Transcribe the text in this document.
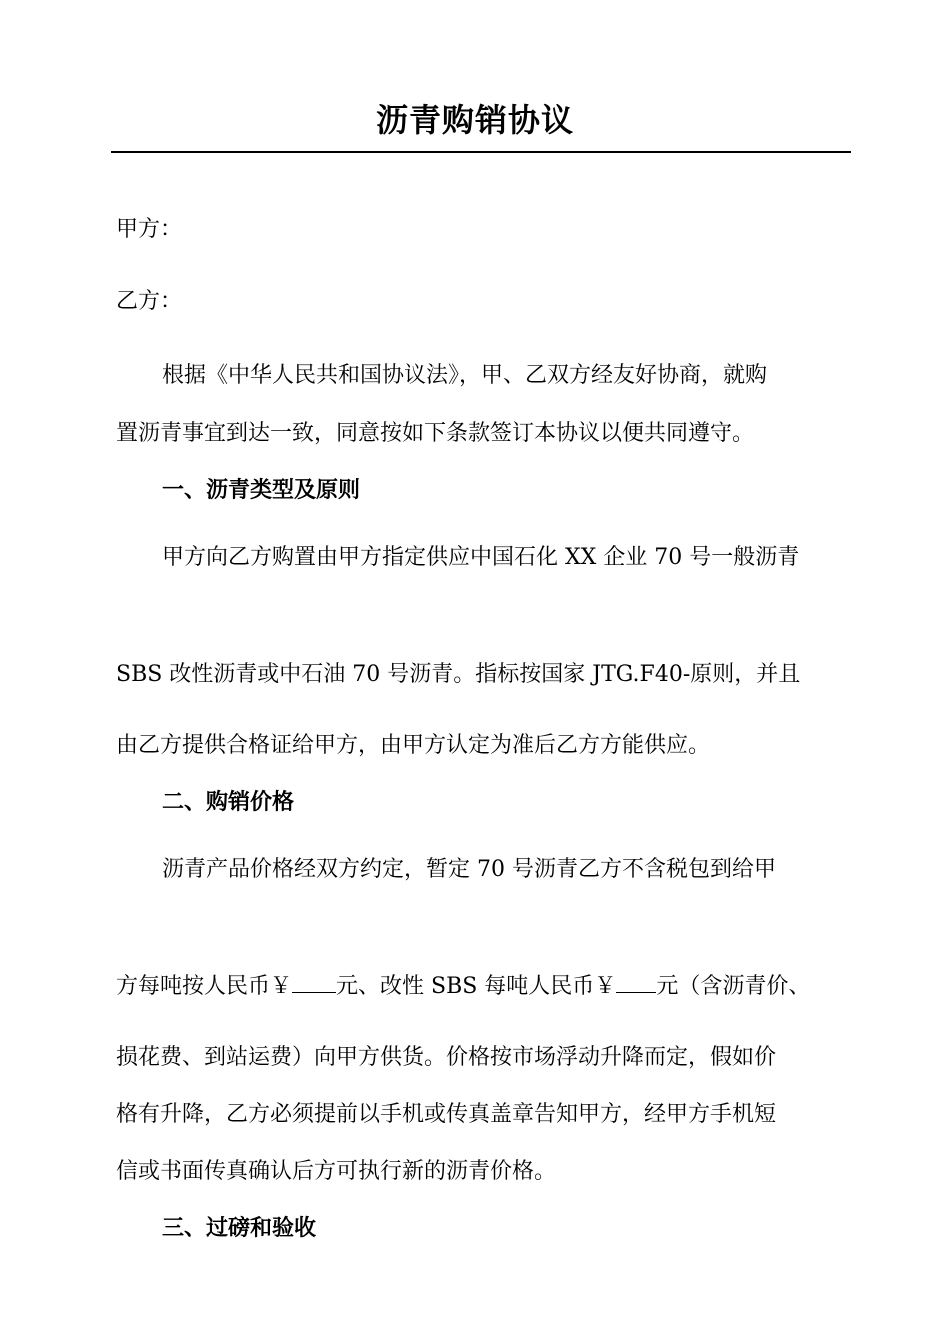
沥青购销协议
甲方：
乙方：
根据《中华人民共和国协议法》，甲、乙双方经友好协商，就购
置沥青事宜到达一致，同意按如下条款签订本协议以便共同遵守。
一、沥青类型及原则
甲方向乙方购置由甲方指定供应中国石化 XX 企业 70 号一般沥青
SBS 改性沥青或中石油 70 号沥青。指标按国家 JTG.F40-原则，并且
由乙方提供合格证给甲方，由甲方认定为准后乙方方能供应。
二、购销价格
沥青产品价格经双方约定，暂定 70 号沥青乙方不含税包到给甲
方每吨按人民币￥ 元、改性 SBS 每吨人民币￥ 元（含沥青价、
损花费、到站运费）向甲方供货。价格按市场浮动升降而定，假如价
格有升降，乙方必须提前以手机或传真盖章告知甲方，经甲方手机短
信或书面传真确认后方可执行新的沥青价格。
三、过磅和验收
